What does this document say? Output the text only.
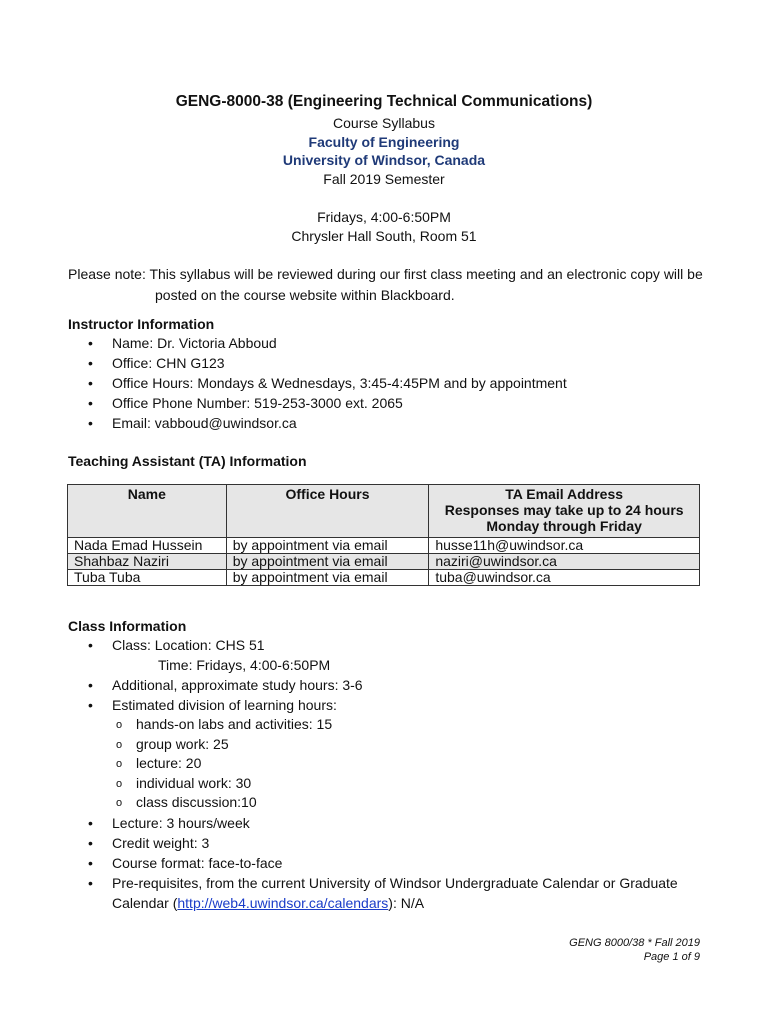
GENG-8000-38 (Engineering Technical Communications)
Course Syllabus
Faculty of Engineering
University of Windsor, Canada
Fall 2019 Semester
Fridays, 4:00-6:50PM
Chrysler Hall South, Room 51
Please note: This syllabus will be reviewed during our first class meeting and an electronic copy will be
posted on the course website within Blackboard.
Instructor Information
• Name: Dr. Victoria Abboud
• Office: CHN G123
• Office Hours: Mondays & Wednesdays, 3:45-4:45PM and by appointment
• Office Phone Number: 519-253-3000 ext. 2065
• Email: vabboud@uwindsor.ca
Teaching Assistant (TA) Information
Name	Office Hours	TA Email Address
Responses may take up to 24 hours
Monday through Friday

Nada Emad Hussein	by appointment via email	husse11h@uwindsor.ca
Shahbaz Naziri	by appointment via email	naziri@uwindsor.ca
Tuba Tuba	by appointment via email	tuba@uwindsor.ca
Class Information
• Class: Location: CHS 51
Time: Fridays, 4:00-6:50PM
• Additional, approximate study hours: 3-6
• Estimated division of learning hours:
o hands-on labs and activities: 15
o group work: 25
o lecture: 20
o individual work: 30
o class discussion:10
• Lecture: 3 hours/week
• Credit weight: 3
• Course format: face-to-face
• Pre-requisites, from the current University of Windsor Undergraduate Calendar or Graduate
Calendar (http://web4.uwindsor.ca/calendars): N/A
GENG 8000/38 * Fall 2019
Page 1 of 9
